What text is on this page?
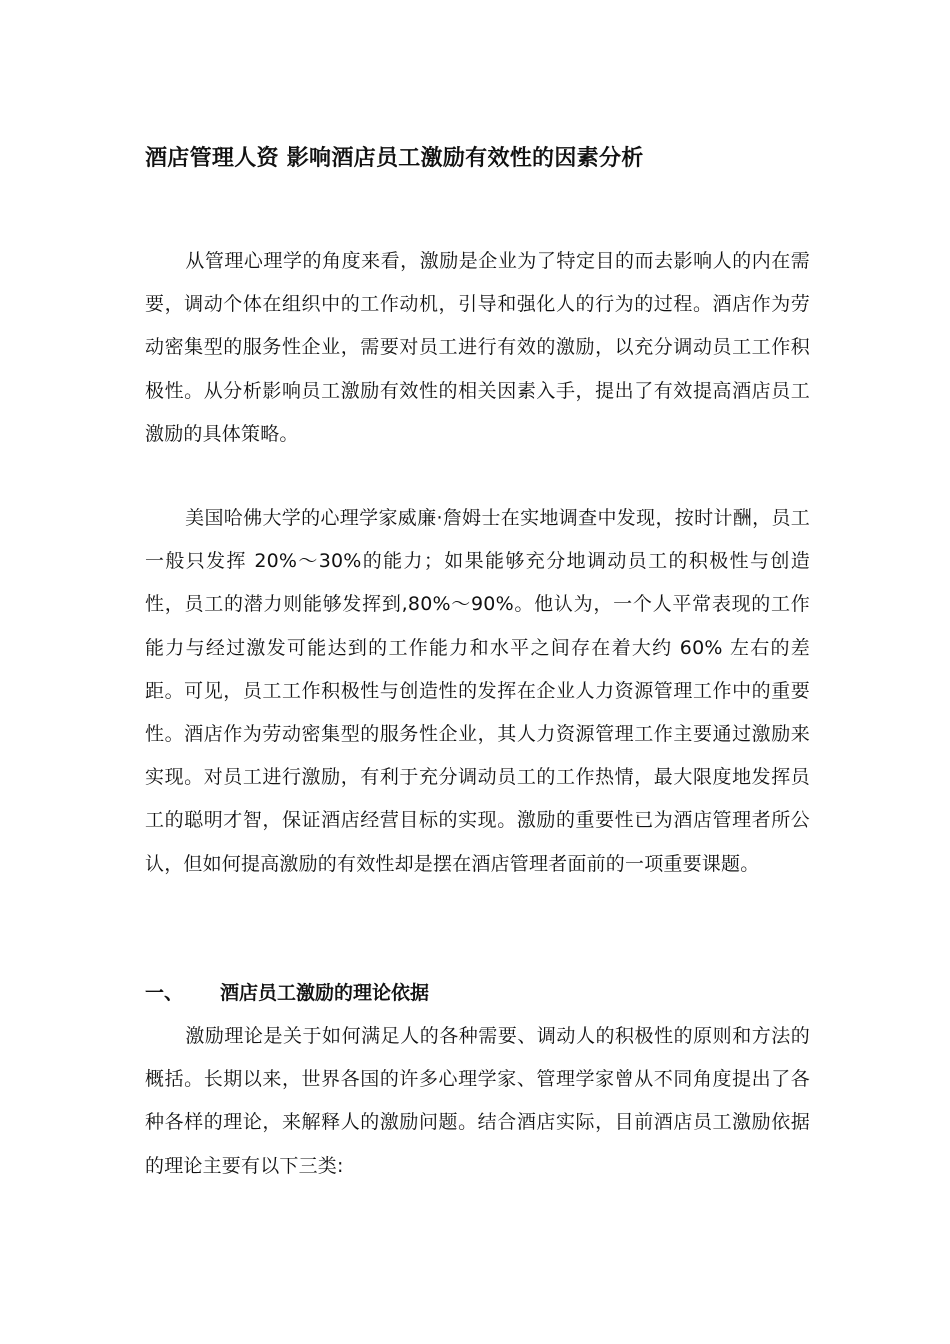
酒店管理人资 影响酒店员工激励有效性的因素分析
从管理心理学的角度来看，激励是企业为了特定目的而去影响人的内在需要，调动个体在组织中的工作动机，引导和强化人的行为的过程。酒店作为劳动密集型的服务性企业，需要对员工进行有效的激励，以充分调动员工工作积极性。从分析影响员工激励有效性的相关因素入手，提出了有效提高酒店员工激励的具体策略。
美国哈佛大学的心理学家威廉·詹姆士在实地调查中发现，按时计酬，员工一般只发挥 20%～30%的能力；如果能够充分地调动员工的积极性与创造性，员工的潜力则能够发挥到,80%～90%。他认为，一个人平常表现的工作能力与经过激发可能达到的工作能力和水平之间存在着大约 60% 左右的差距。可见，员工工作积极性与创造性的发挥在企业人力资源管理工作中的重要性。酒店作为劳动密集型的服务性企业，其人力资源管理工作主要通过激励来实现。对员工进行激励，有利于充分调动员工的工作热情，最大限度地发挥员工的聪明才智，保证酒店经营目标的实现。激励的重要性已为酒店管理者所公认，但如何提高激励的有效性却是摆在酒店管理者面前的一项重要课题。
一、 酒店员工激励的理论依据
激励理论是关于如何满足人的各种需要、调动人的积极性的原则和方法的概括。长期以来，世界各国的许多心理学家、管理学家曾从不同角度提出了各种各样的理论，来解释人的激励问题。结合酒店实际，目前酒店员工激励依据的理论主要有以下三类:
